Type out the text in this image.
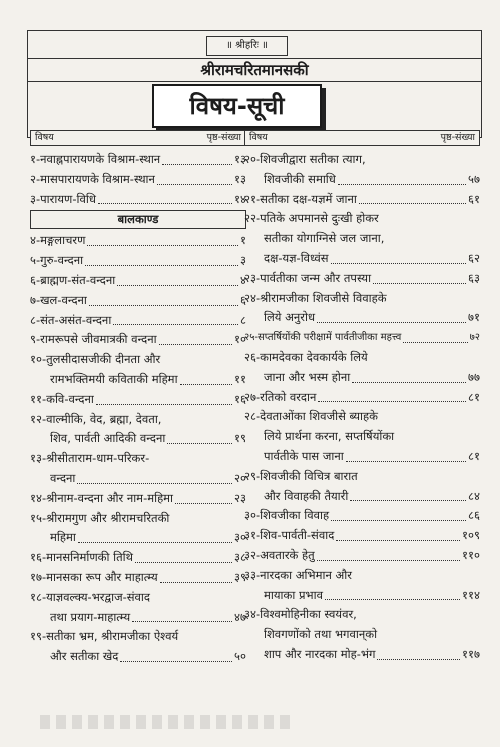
॥ श्रीहरिः ॥
श्रीरामचरितमानसकी
विषय-सूची
विषय	पृष्ठ-संख्या
१- नवाह्नपारायणके विश्राम-स्थान	१३
२- मासपारायणके विश्राम-स्थान	१३
३- पारायण-विधि	१४
बालकाण्ड
४- मङ्गलाचरण	१
५- गुरु-वन्दना	३
६- ब्राह्मण-संत-वन्दना	४
७- खल-वन्दना	६
८- संत-असंत-वन्दना	८
९- रामरूपसे जीवमात्रकी वन्दना	१०
१०- तुलसीदासजीकी दीनता और
रामभक्तिमयी कविताकी महिमा	११
११- कवि-वन्दना	१६
१२- वाल्मीकि, वेद, ब्रह्मा, देवता,
शिव, पार्वती आदिकी वन्दना	१९
१३- श्रीसीताराम-धाम-परिकर-
वन्दना	२०
१४- श्रीनाम-वन्दना और नाम-महिमा	२३
१५- श्रीरामगुण और श्रीरामचरितकी
महिमा	३०
१६- मानसनिर्माणकी तिथि	३८
१७- मानसका रूप और माहात्म्य	३९
१८- याज्ञवल्क्य-भरद्वाज-संवाद
तथा प्रयाग-माहात्म्य	४७
१९- सतीका भ्रम, श्रीरामजीका ऐश्वर्य
और सतीका खेद	५०
विषय	पृष्ठ-संख्या
२०- शिवजीद्वारा सतीका त्याग,
शिवजीकी समाधि	५७
२१- सतीका दक्ष-यज्ञमें जाना	६१
२२- पतिके अपमानसे दुःखी होकर
सतीका योगाग्निसे जल जाना,
दक्ष-यज्ञ-विध्वंस	६२
२३- पार्वतीका जन्म और तपस्या	६३
२४- श्रीरामजीका शिवजीसे विवाहके
लिये अनुरोध	७१
२५- सप्तर्षियोंकी परीक्षामें पार्वतीजीका महत्त्व	७२
२६- कामदेवका देवकार्यके लिये
जाना और भस्म होना	७७
२७- रतिको वरदान	८१
२८- देवताओंका शिवजीसे ब्याहके
लिये प्रार्थना करना, सप्तर्षियोंका
पार्वतीके पास जाना	८१
२९- शिवजीकी विचित्र बारात
और विवाहकी तैयारी	८४
३०- शिवजीका विवाह	८६
३१- शिव-पार्वती-संवाद	१०९
३२- अवतारके हेतु	११०
३३- नारदका अभिमान और
मायाका प्रभाव	११४
३४- विश्वमोहिनीका स्वयंवर,
शिवगणोंको तथा भगवान्‌को
शाप और नारदका मोह-भंग	११७
